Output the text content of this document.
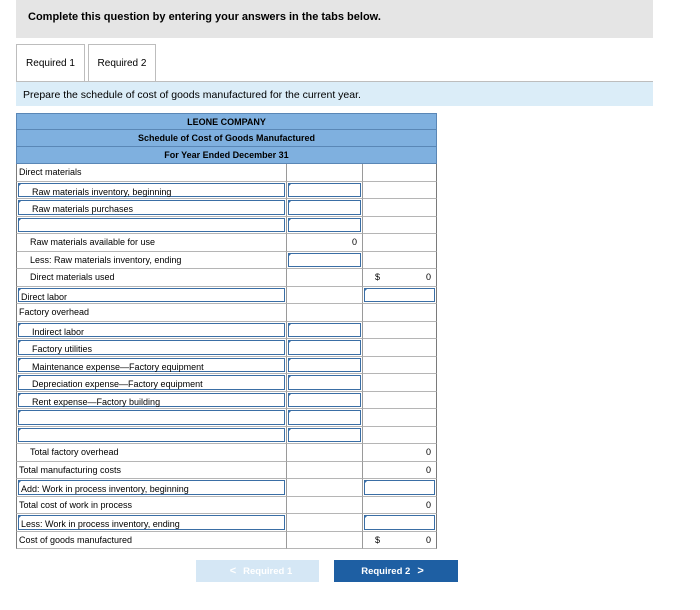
Complete this question by entering your answers in the tabs below.
Required 1 Required 2
Prepare the schedule of cost of goods manufactured for the current year.
LEONE COMPANY
Schedule of Cost of Goods Manufactured
For Year Ended December 31
Direct materials
Raw materials inventory, beginning
Raw materials purchases
Raw materials available for use	0
Less: Raw materials inventory, ending
Direct materials used	$	0
Direct labor
Factory overhead
Indirect labor
Factory utilities
Maintenance expense—Factory equipment
Depreciation expense—Factory equipment
Rent expense—Factory building
Total factory overhead	0
Total manufacturing costs	0
Add: Work in process inventory, beginning
Total cost of work in process	0
Less: Work in process inventory, ending
Cost of goods manufactured	$	0
< Required 1	Required 2 >
